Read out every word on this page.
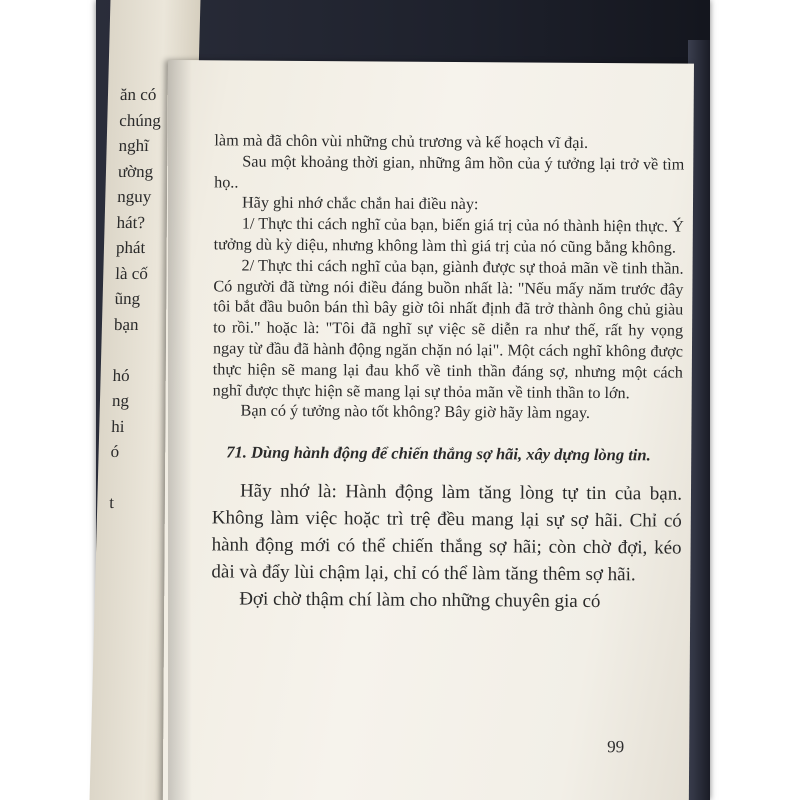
ăn có
chúng
nghĩ
ường
nguy
hát?
phát
là cố
ũng
bạn

hó
ng
hi
ó

t

làm mà đã chôn vùi những chủ trương và kế hoạch vĩ đại.

Sau một khoảng thời gian, những âm hồn của ý tưởng lại trở về tìm họ..

Hãy ghi nhớ chắc chắn hai điều này:

1/ Thực thi cách nghĩ của bạn, biến giá trị của nó thành hiện thực. Ý tưởng dù kỳ diệu, nhưng không làm thì giá trị của nó cũng bằng không.

2/ Thực thi cách nghĩ của bạn, giành được sự thoả mãn về tinh thần. Có người đã từng nói điều đáng buồn nhất là: "Nếu mấy năm trước đây tôi bắt đầu buôn bán thì bây giờ tôi nhất định đã trở thành ông chủ giàu to rồi." hoặc là: "Tôi đã nghĩ sự việc sẽ diễn ra như thế, rất hy vọng ngay từ đầu đã hành động ngăn chặn nó lại". Một cách nghĩ không được thực hiện sẽ mang lại đau khổ về tinh thần đáng sợ, nhưng một cách nghĩ được thực hiện sẽ mang lại sự thỏa mãn về tinh thần to lớn.

Bạn có ý tưởng nào tốt không? Bây giờ hãy làm ngay.

71. Dùng hành động để chiến thắng sợ hãi, xây dựng lòng tin.

Hãy nhớ là: Hành động làm tăng lòng tự tin của bạn. Không làm việc hoặc trì trệ đều mang lại sự sợ hãi. Chỉ có hành động mới có thể chiến thắng sợ hãi; còn chờ đợi, kéo dài và đẩy lùi chậm lại, chỉ có thể làm tăng thêm sợ hãi.

Đợi chờ thậm chí làm cho những chuyên gia có

99
